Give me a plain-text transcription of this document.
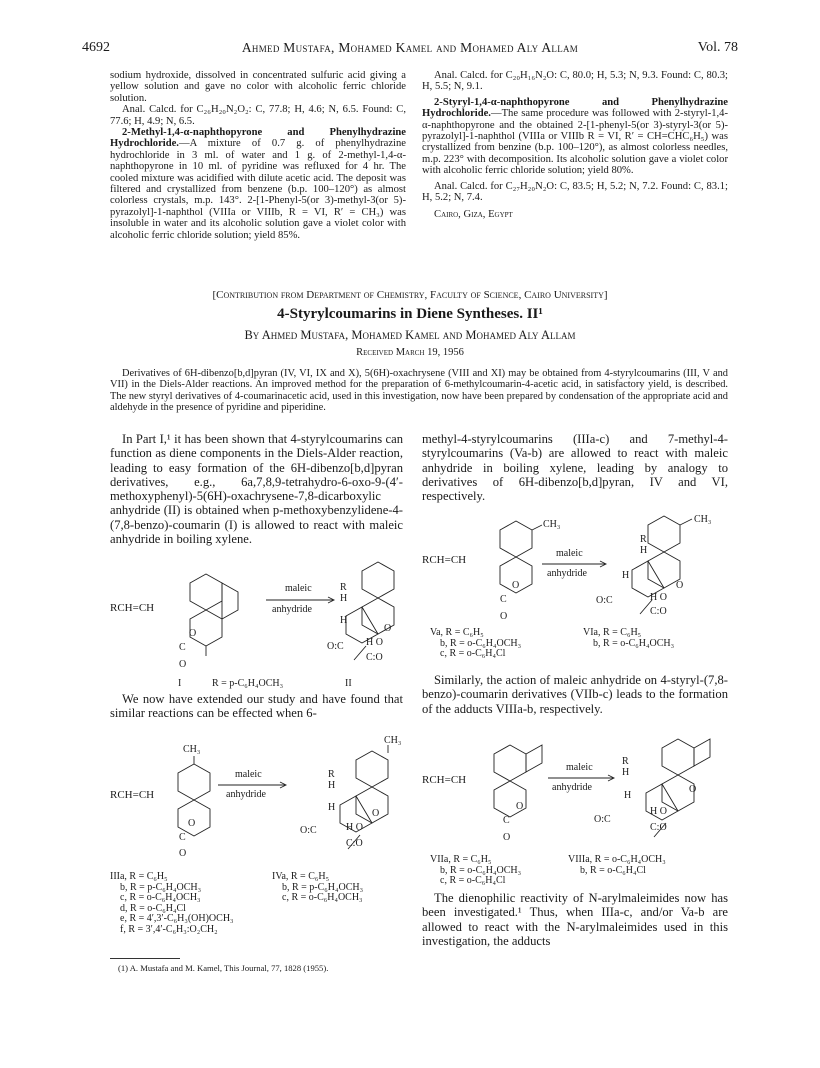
4692	Ahmed Mustafa, Mohamed Kamel and Mohamed Aly Allam	Vol. 78

sodium hydroxide, dissolved in concentrated sulfuric acid giving a yellow solution and gave no color with alcoholic ferric chloride solution.

Anal. Calcd. for C₂₆H₂₀N₂O₂: C, 77.8; H, 4.6; N, 6.5. Found: C, 77.6; H, 4.9; N, 6.5.

2-Methyl-1,4-α-naphthopyrone and Phenylhydrazine Hydrochloride.—A mixture of 0.7 g. of phenylhydrazine hydrochloride in 3 ml. of water and 1 g. of 2-methyl-1,4-α-naphthopyrone in 10 ml. of pyridine was refluxed for 4 hr. The cooled mixture was acidified with dilute acetic acid. The deposit was filtered and crystallized from benzene (b.p. 100–120°) as almost colorless crystals, m.p. 143°. 2-[1-Phenyl-5(or 3)-methyl-3(or 5)-pyrazolyl]-1-naphthol (VIIIa or VIIIb, R = VI, R′ = CH₃) was insoluble in water and its alcoholic solution gave a violet color with alcoholic ferric chloride solution; yield 85%.

Anal. Calcd. for C₂₀H₁₆N₂O: C, 80.0; H, 5.3; N, 9.3. Found: C, 80.3; H, 5.5; N, 9.1.

2-Styryl-1,4-α-naphthopyrone and Phenylhydrazine Hydrochloride.—The same procedure was followed with 2-styryl-1,4-α-naphthopyrone and the obtained 2-[1-phenyl-5(or 3)-styryl-3(or 5)-pyrazolyl]-1-naphthol (VIIIa or VIIIb R = VI, R′ = CH=CHC₆H₅) was crystallized from benzine (b.p. 100–120°), as almost colorless needles, m.p. 223° with decomposition. Its alcoholic solution gave a violet color with alcoholic ferric chloride solution; yield 80%.

Anal. Calcd. for C₂₇H₂₀N₂O: C, 83.5; H, 5.2; N, 7.2. Found: C, 83.1; H, 5.2; N, 7.4.

Cairo, Giza, Egypt

[Contribution from Department of Chemistry, Faculty of Science, Cairo University]
4-Styrylcoumarins in Diene Syntheses. II¹
By Ahmed Mustafa, Mohamed Kamel and Mohamed Aly Allam
Received March 19, 1956
Derivatives of 6H-dibenzo[b,d]pyran (IV, VI, IX and X), 5(6H)-oxachrysene (VIII and XI) may be obtained from 4-styrylcoumarins (III, V and VII) in the Diels-Alder reactions. An improved method for the preparation of 6-methylcoumarin-4-acetic acid, in satisfactory yield, is described. The new styryl derivatives of 4-coumarinacetic acid, used in this investigation, now have been prepared by condensation of the appropriate acid and aldehyde in the presence of pyridine and piperidine.
In Part I,¹ it has been shown that 4-styrylcoumarins can function as diene components in the Diels-Alder reaction, leading to easy formation of the 6H-dibenzo[b,d]pyran derivatives, e.g., 6a,7,8,9-tetrahydro-6-oxo-9-(4′-methoxyphenyl)-5(6H)-oxachrysene-7,8-dicarboxylic anhydride (II) is obtained when p-methoxybenzylidene-4-(7,8-benzo)-coumarin (I) is allowed to react with maleic anhydride in boiling xylene.
methyl-4-styrylcoumarins (IIIa-c) and 7-methyl-4-styrylcoumarins (Va-b) are allowed to react with maleic anhydride in boiling xylene, leading by analogy to derivatives of 6H-dibenzo[b,d]pyran, IV and VI, respectively.
We now have extended our study and have found that similar reactions can be effected when 6-
Similarly, the action of maleic anhydride on 4-styryl-(7,8-benzo)-coumarin derivatives (VIIb-c) leads to the formation of the adducts VIIIa-b, respectively.
The dienophilic reactivity of N-arylmaleimides now has been investigated.¹ Thus, when IIIa-c, and/or Va-b are allowed to react with the N-arylmaleimides used in this investigation, the adducts
RCH=CH
O
C
O
maleic
anhydride
R
H
H
O
O:C H O
C:O
I	R = p-C₆H₄OCH₃	II
CH₃
RCH=CH
O
C
O
maleic
anhydride
CH₃
R
H
H
O
O:C	H O
C:O
IIIa, R = C₆H₅
b, R = p-C₆H₄OCH₃
c, R = o-C₆H₄OCH₃
d, R = o-C₆H₄Cl
e, R = 4′,3′-C₆H₃(OH)OCH₃
f, R = 3′,4′-C₆H₃:O₂CH₂
IVa, R = C₆H₅
b, R = p-C₆H₄OCH₃
c, R = o-C₆H₄OCH₃
CH₃
RCH=CH
O
C
O
maleic
anhydride
CH₃
R
H
H
O
O:C	H O
C:O
Va, R = C₆H₅
b, R = o-C₆H₄OCH₃
c, R = o-C₆H₄Cl
VIa, R = C₆H₅
b, R = o-C₆H₄OCH₃
RCH=CH
O
C
O
maleic
anhydride
R
H
H
O
O:C
H O
C:O
VIIa, R = C₆H₅
b, R = o-C₆H₄OCH₃
c, R = o-C₆H₄Cl
VIIIa, R = o-C₆H₄OCH₃
b, R = o-C₆H₄Cl
(1) A. Mustafa and M. Kamel, This Journal, 77, 1828 (1955).
